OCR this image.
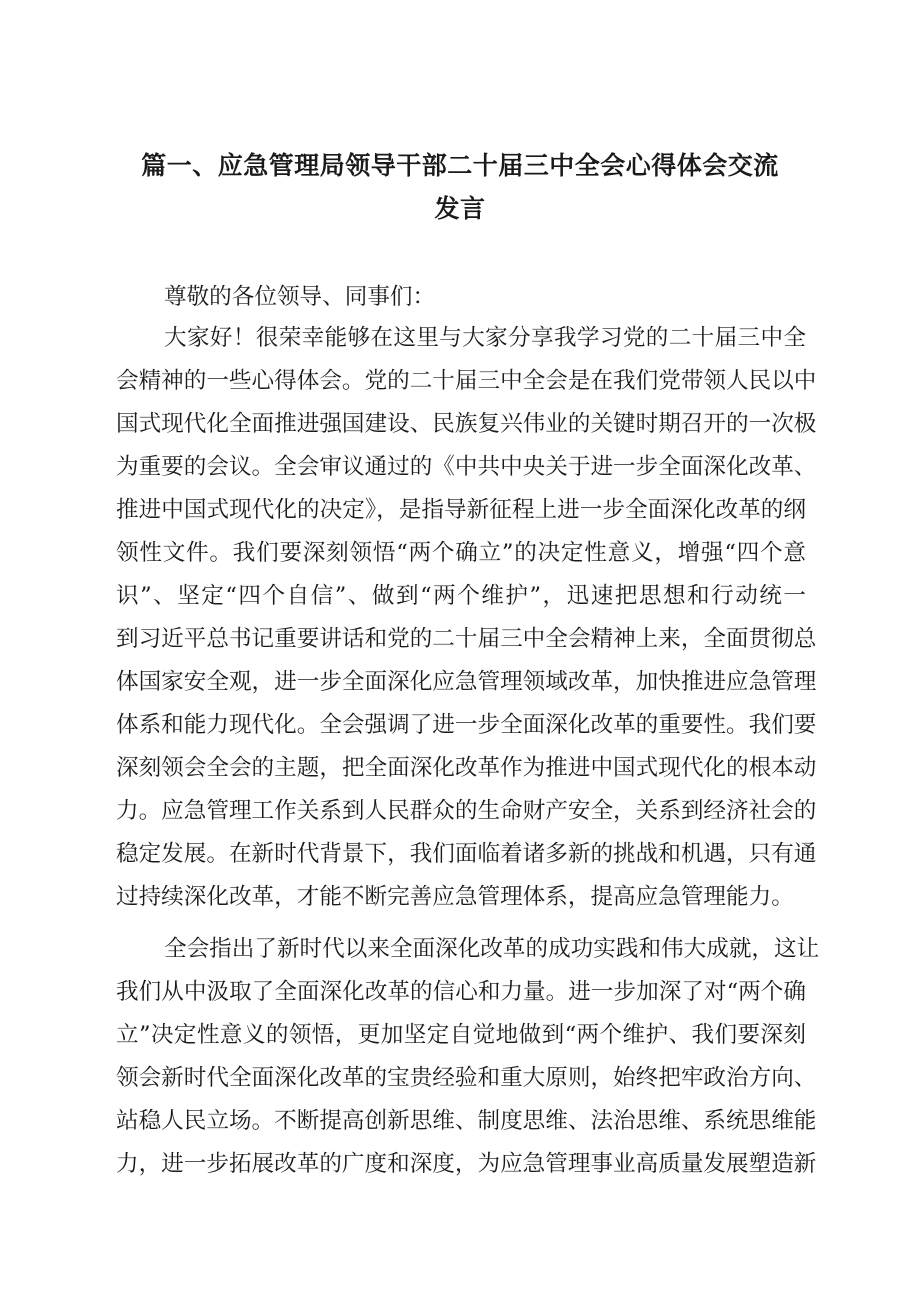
篇一、应急管理局领导干部二十届三中全会心得体会交流
发言
尊敬的各位领导、同事们：
大家好！很荣幸能够在这里与大家分享我学习党的二十届三中全
会精神的一些心得体会。党的二十届三中全会是在我们党带领人民以中
国式现代化全面推进强国建设、民族复兴伟业的关键时期召开的一次极
为重要的会议。全会审议通过的《中共中央关于进一步全面深化改革、
推进中国式现代化的决定》，是指导新征程上进一步全面深化改革的纲
领性文件。我们要深刻领悟“两个确立”的决定性意义，增强“四个意
识”、坚定“四个自信”、做到“两个维护”，迅速把思想和行动统一
到习近平总书记重要讲话和党的二十届三中全会精神上来，全面贯彻总
体国家安全观，进一步全面深化应急管理领域改革，加快推进应急管理
体系和能力现代化。全会强调了进一步全面深化改革的重要性。我们要
深刻领会全会的主题，把全面深化改革作为推进中国式现代化的根本动
力。应急管理工作关系到人民群众的生命财产安全，关系到经济社会的
稳定发展。在新时代背景下，我们面临着诸多新的挑战和机遇，只有通
过持续深化改革，才能不断完善应急管理体系，提高应急管理能力。
全会指出了新时代以来全面深化改革的成功实践和伟大成就，这让
我们从中汲取了全面深化改革的信心和力量。进一步加深了对“两个确
立”决定性意义的领悟，更加坚定自觉地做到“两个维护、我们要深刻
领会新时代全面深化改革的宝贵经验和重大原则，始终把牢政治方向、
站稳人民立场。不断提高创新思维、制度思维、法治思维、系统思维能
力，进一步拓展改革的广度和深度，为应急管理事业高质量发展塑造新
